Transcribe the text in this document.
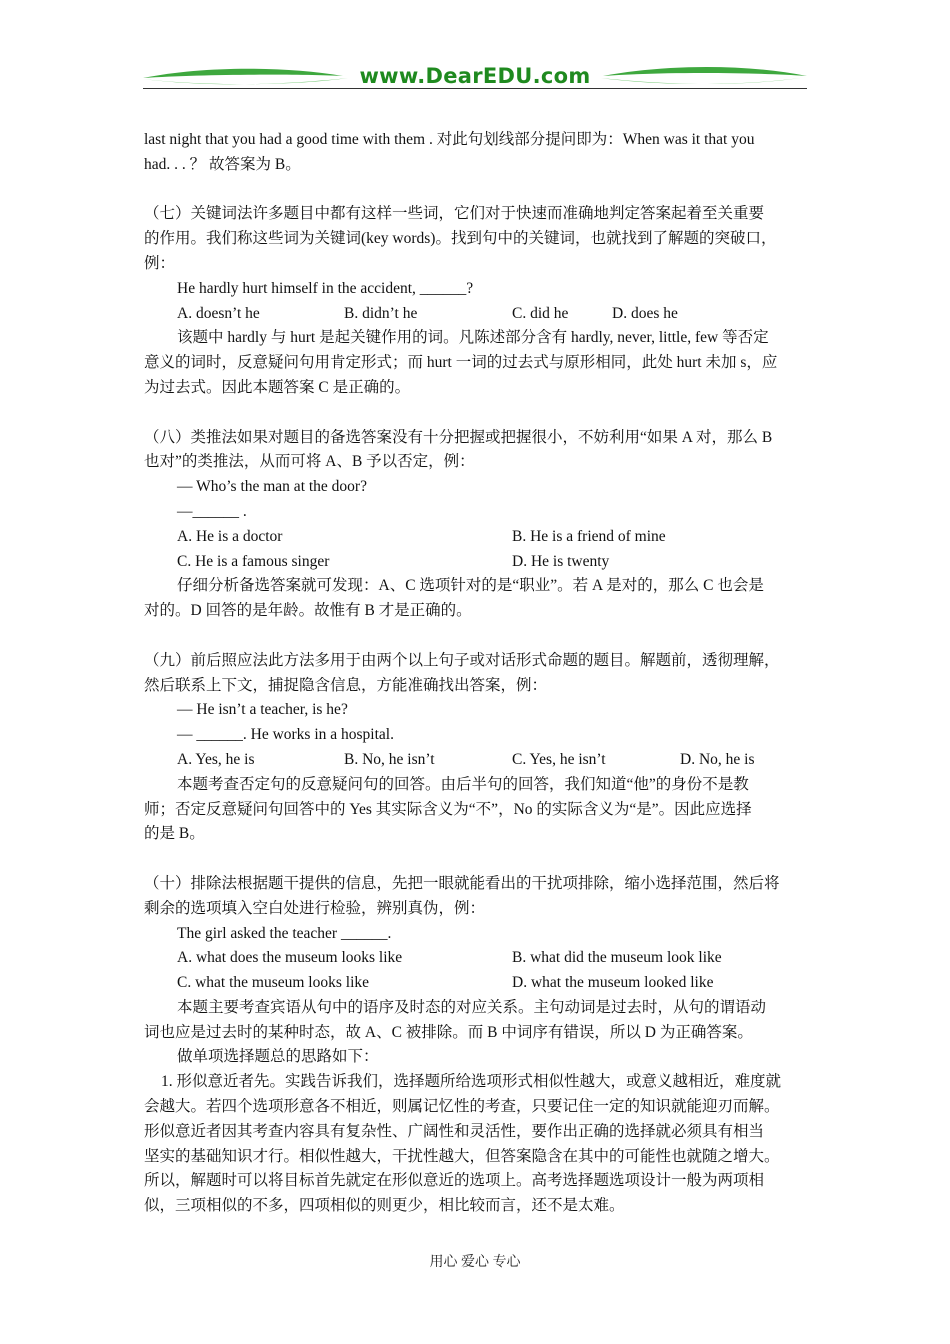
www.DearEDU.com

last night that you had a good time with them . 对此句划线部分提问即为：When was it that you

had. . . ？ 故答案为 B。

（七）关键词法许多题目中都有这样一些词，它们对于快速而准确地判定答案起着至关重要

的作用。我们称这些词为关键词(key words)。找到句中的关键词，也就找到了解题的突破口，

例：

He hardly hurt himself in the accident, ______?

A. doesn’t he	B. didn’t he	C. did he	D. does he

该题中 hardly 与 hurt 是起关键作用的词。凡陈述部分含有 hardly, never, little, few 等否定

意义的词时，反意疑问句用肯定形式；而 hurt 一词的过去式与原形相同，此处 hurt 未加 s，应

为过去式。因此本题答案 C 是正确的。

（八）类推法如果对题目的备选答案没有十分把握或把握很小，不妨利用“如果 A 对，那么 B

也对”的类推法，从而可将 A、B 予以否定，例：

— Who’s the man at the door?

—______ .

A. He is a doctor	B. He is a friend of mine
C. He is a famous singer	D. He is twenty

仔细分析备选答案就可发现：A、C 选项针对的是“职业”。若 A 是对的，那么 C 也会是

对的。D 回答的是年龄。故惟有 B 才是正确的。

（九）前后照应法此方法多用于由两个以上句子或对话形式命题的题目。解题前，透彻理解，

然后联系上下文，捕捉隐含信息，方能准确找出答案，例：

— He isn’t a teacher, is he?

— ______. He works in a hospital.

A. Yes, he is	B. No, he isn’t	C. Yes, he isn’t	D. No, he is

本题考查否定句的反意疑问句的回答。由后半句的回答，我们知道“他”的身份不是教

师；否定反意疑问句回答中的 Yes 其实际含义为“不”，No 的实际含义为“是”。因此应选择

的是 B。

（十）排除法根据题干提供的信息，先把一眼就能看出的干扰项排除，缩小选择范围，然后将

剩余的选项填入空白处进行检验，辨别真伪，例：

The girl asked the teacher ______.

A. what does the museum looks like	B. what did the museum look like
C. what the museum looks like	D. what the museum looked like

本题主要考查宾语从句中的语序及时态的对应关系。主句动词是过去时，从句的谓语动

词也应是过去时的某种时态，故 A、C 被排除。而 B 中词序有错误，所以 D 为正确答案。

做单项选择题总的思路如下：

1. 形似意近者先。实践告诉我们，选择题所给选项形式相似性越大，或意义越相近，难度就

会越大。若四个选项形意各不相近，则属记忆性的考查，只要记住一定的知识就能迎刃而解。

形似意近者因其考查内容具有复杂性、广阔性和灵活性，要作出正确的选择就必须具有相当

坚实的基础知识才行。相似性越大，干扰性越大，但答案隐含在其中的可能性也就随之增大。

所以，解题时可以将目标首先就定在形似意近的选项上。高考选择题选项设计一般为两项相

似，三项相似的不多，四项相似的则更少，相比较而言，还不是太难。

用心 爱心 专心
